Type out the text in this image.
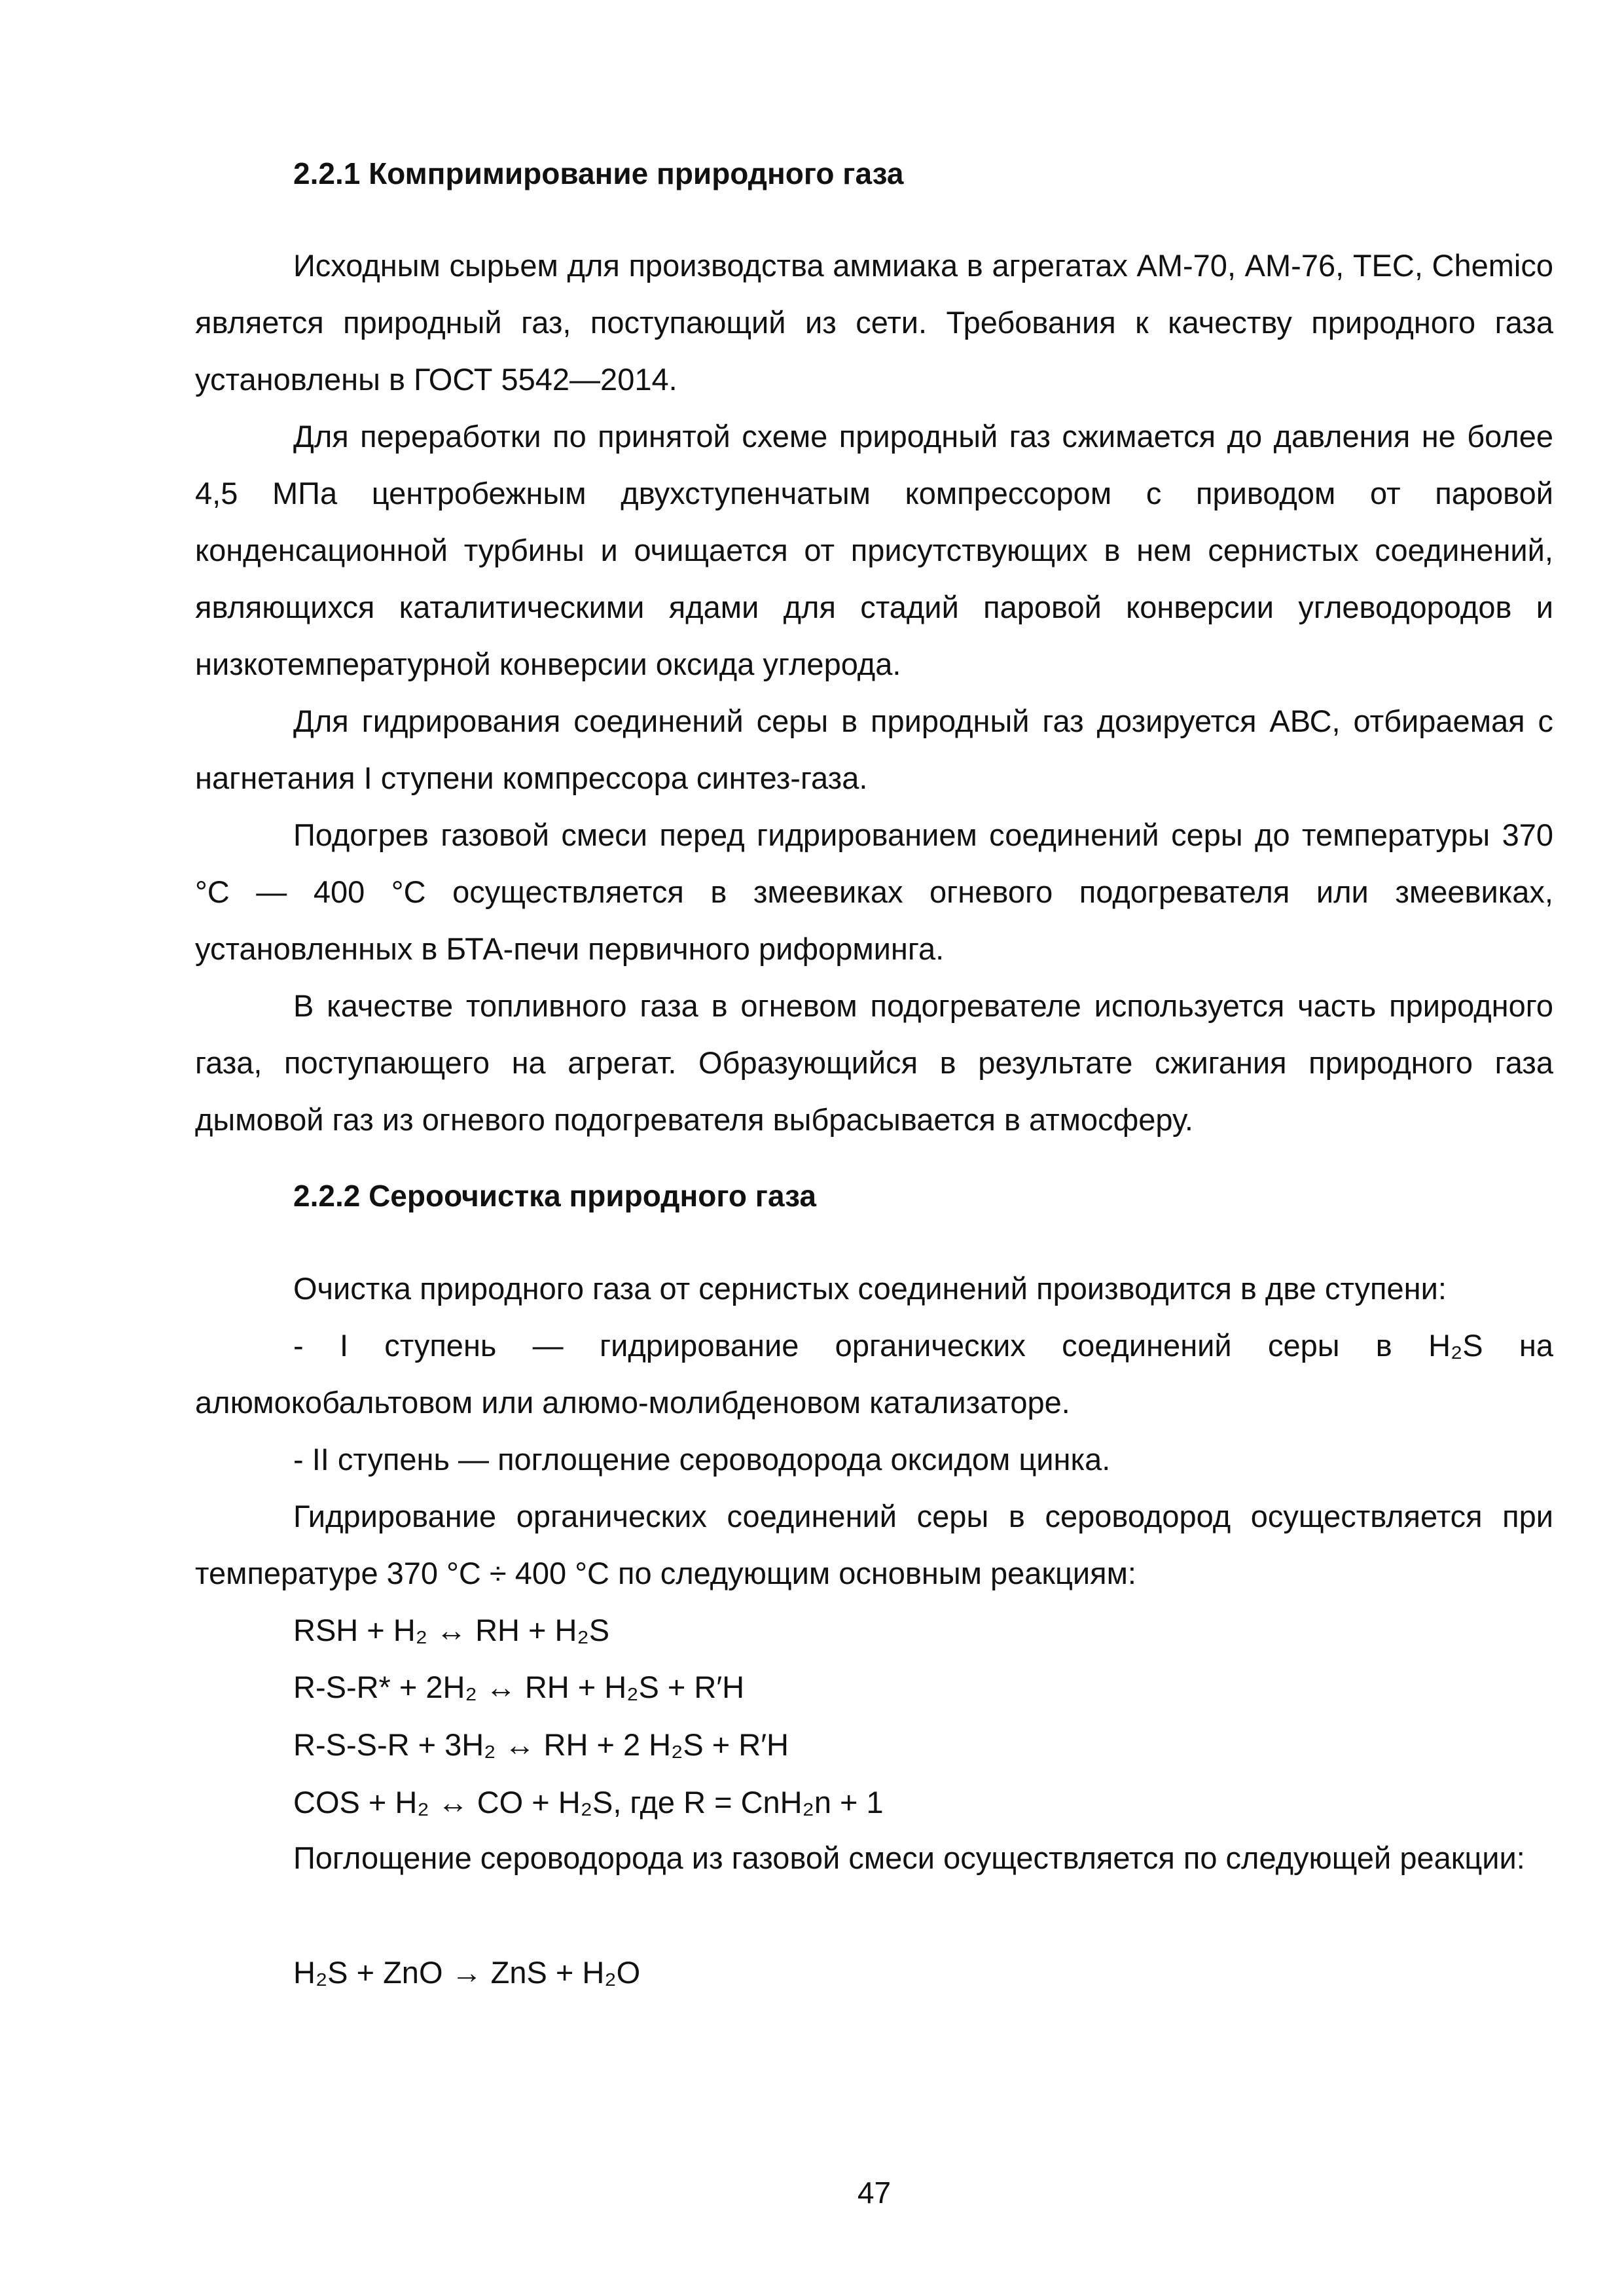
2.2.1 Компримирование природного газа

Исходным сырьем для производства аммиака в агрегатах АМ-70, АМ-76, ТЕС, Chemico является природный газ, поступающий из сети. Требования к качеству природного газа установлены в ГОСТ 5542—2014.

Для переработки по принятой схеме природный газ сжимается до давления не более 4,5 МПа центробежным двухступенчатым компрессором с приводом от паровой конденсационной турбины и очищается от присутствующих в нем сернистых соединений, являющихся каталитическими ядами для стадий паровой конверсии углеводородов и низкотемпературной конверсии оксида углерода.

Для гидрирования соединений серы в природный газ дозируется АВС, отбираемая с нагнетания I ступени компрессора синтез-газа.

Подогрев газовой смеси перед гидрированием соединений серы до температуры 370 °С — 400 °С осуществляется в змеевиках огневого подогревателя или змеевиках, установленных в БТА-печи первичного риформинга.

В качестве топливного газа в огневом подогревателе используется часть природного газа, поступающего на агрегат. Образующийся в результате сжигания природного газа дымовой газ из огневого подогревателя выбрасывается в атмосферу.

2.2.2 Сероочистка природного газа

Очистка природного газа от сернистых соединений производится в две ступени:

- I ступень — гидрирование органических соединений серы в H₂S на алюмокобальтовом или алюмо-молибденовом катализаторе.

- II ступень — поглощение сероводорода оксидом цинка.

Гидрирование органических соединений серы в сероводород осуществляется при температуре 370 °С ÷ 400 °С по следующим основным реакциям:

RSH + H₂ ↔ RH + H₂S

R-S-R* + 2H₂ ↔ RH + H₂S + R′H

R-S-S-R + 3H₂ ↔ RH + 2 H₂S + R′H

COS + H₂ ↔ CO + H₂S, где R = CnH₂n + 1

Поглощение сероводорода из газовой смеси осуществляется по следующей реакции:

H₂S + ZnO → ZnS + H₂O

47
